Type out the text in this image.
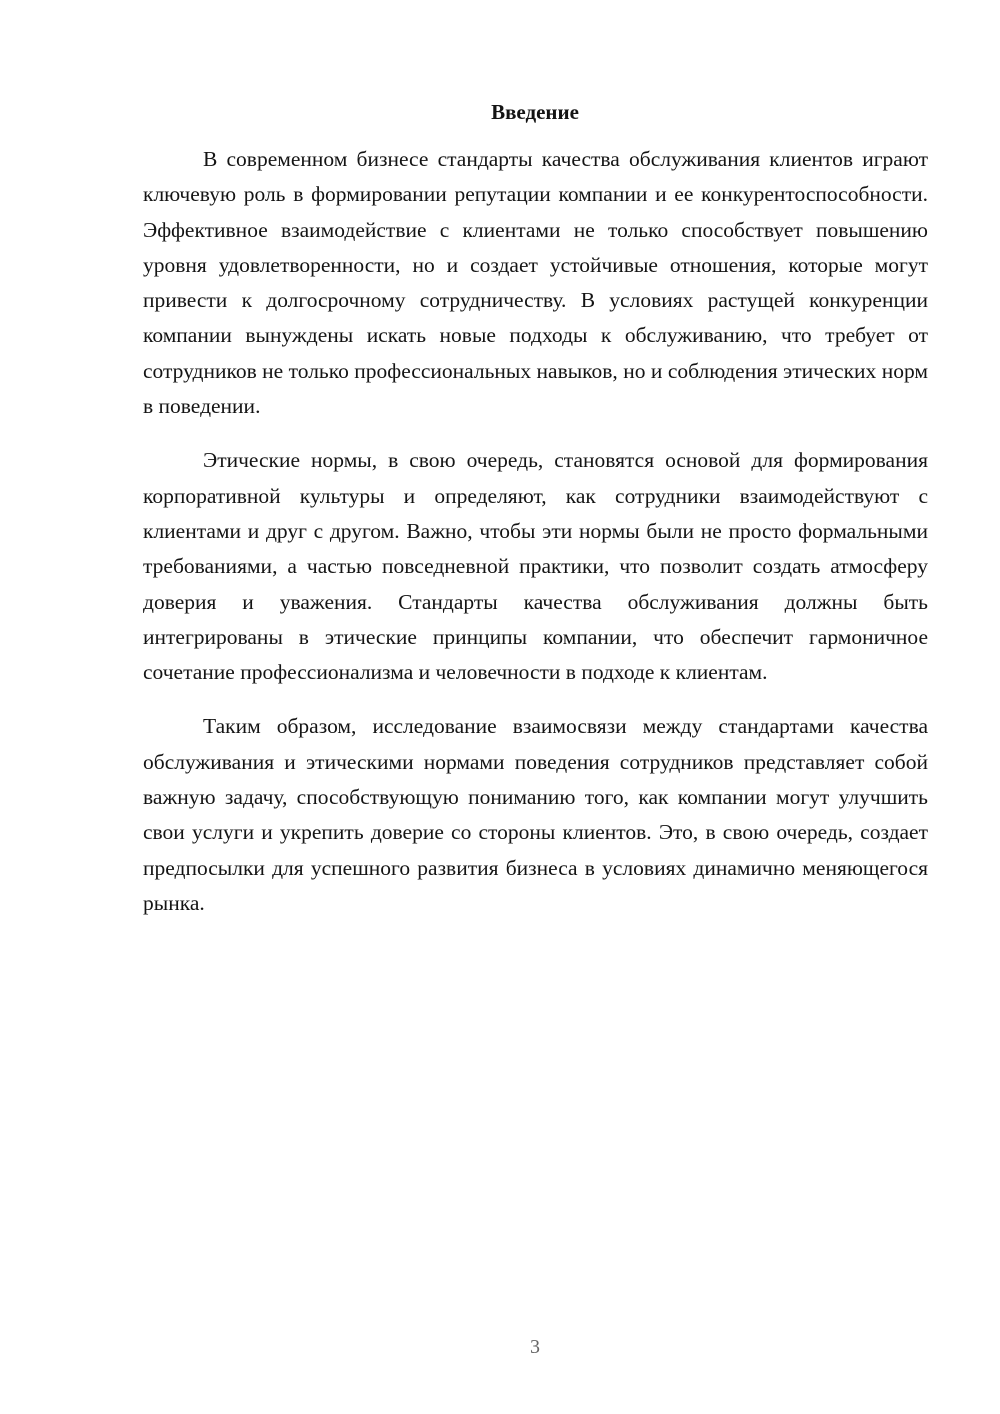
Введение

В современном бизнесе стандарты качества обслуживания клиентов играют ключевую роль в формировании репутации компании и ее конкурентоспособности. Эффективное взаимодействие с клиентами не только способствует повышению уровня удовлетворенности, но и создает устойчивые отношения, которые могут привести к долгосрочному сотрудничеству. В условиях растущей конкуренции компании вынуждены искать новые подходы к обслуживанию, что требует от сотрудников не только профессиональных навыков, но и соблюдения этических норм в поведении.

Этические нормы, в свою очередь, становятся основой для формирования корпоративной культуры и определяют, как сотрудники взаимодействуют с клиентами и друг с другом. Важно, чтобы эти нормы были не просто формальными требованиями, а частью повседневной практики, что позволит создать атмосферу доверия и уважения. Стандарты качества обслуживания должны быть интегрированы в этические принципы компании, что обеспечит гармоничное сочетание профессионализма и человечности в подходе к клиентам.

Таким образом, исследование взаимосвязи между стандартами качества обслуживания и этическими нормами поведения сотрудников представляет собой важную задачу, способствующую пониманию того, как компании могут улучшить свои услуги и укрепить доверие со стороны клиентов. Это, в свою очередь, создает предпосылки для успешного развития бизнеса в условиях динамично меняющегося рынка.

3
